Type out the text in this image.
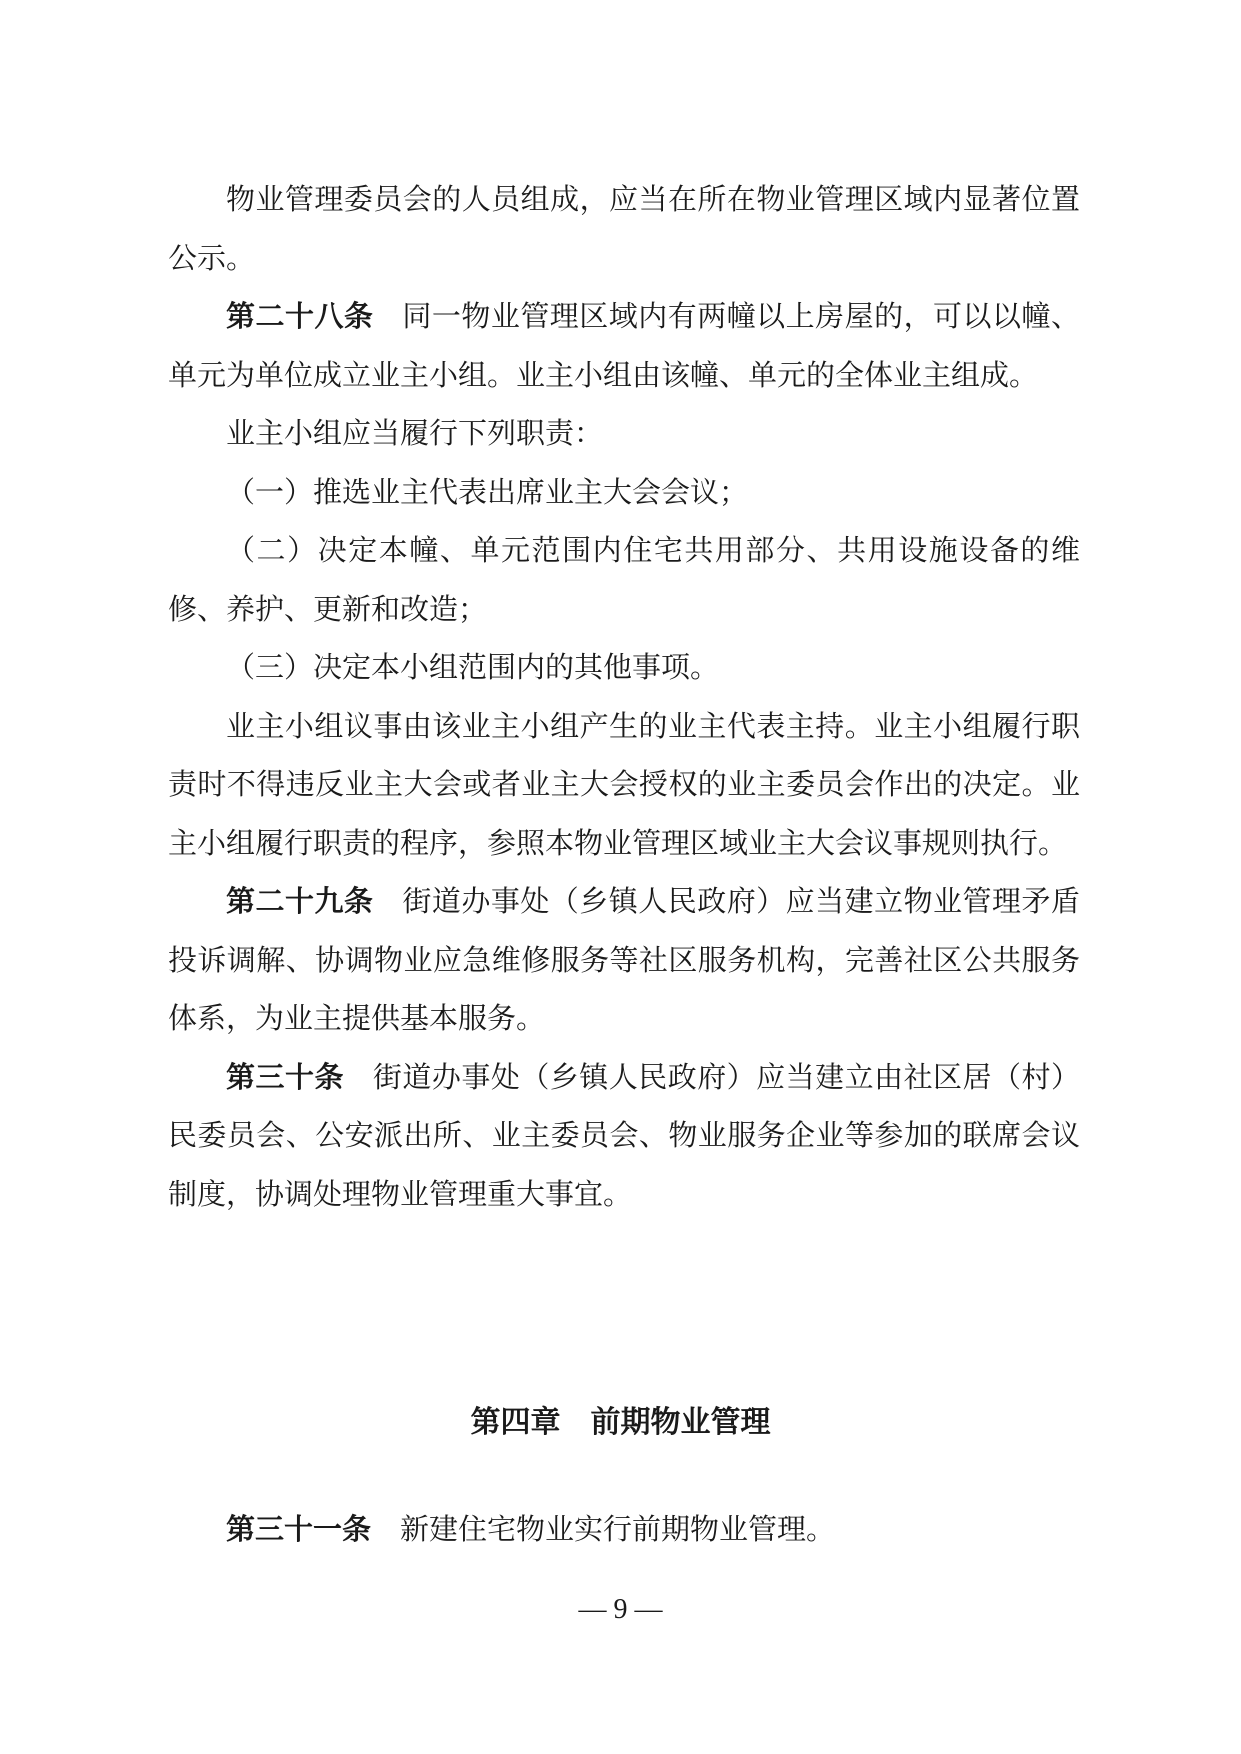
物业管理委员会的人员组成，应当在所在物业管理区域内显著位置公示。

第二十八条 同一物业管理区域内有两幢以上房屋的，可以以幢、单元为单位成立业主小组。业主小组由该幢、单元的全体业主组成。

业主小组应当履行下列职责：

（一）推选业主代表出席业主大会会议；

（二）决定本幢、单元范围内住宅共用部分、共用设施设备的维修、养护、更新和改造；

（三）决定本小组范围内的其他事项。

业主小组议事由该业主小组产生的业主代表主持。业主小组履行职责时不得违反业主大会或者业主大会授权的业主委员会作出的决定。业主小组履行职责的程序，参照本物业管理区域业主大会议事规则执行。

第二十九条 街道办事处（乡镇人民政府）应当建立物业管理矛盾投诉调解、协调物业应急维修服务等社区服务机构，完善社区公共服务体系，为业主提供基本服务。

第三十条 街道办事处（乡镇人民政府）应当建立由社区居（村）民委员会、公安派出所、业主委员会、物业服务企业等参加的联席会议制度，协调处理物业管理重大事宜。

第四章 前期物业管理

第三十一条 新建住宅物业实行前期物业管理。

— 9 —
